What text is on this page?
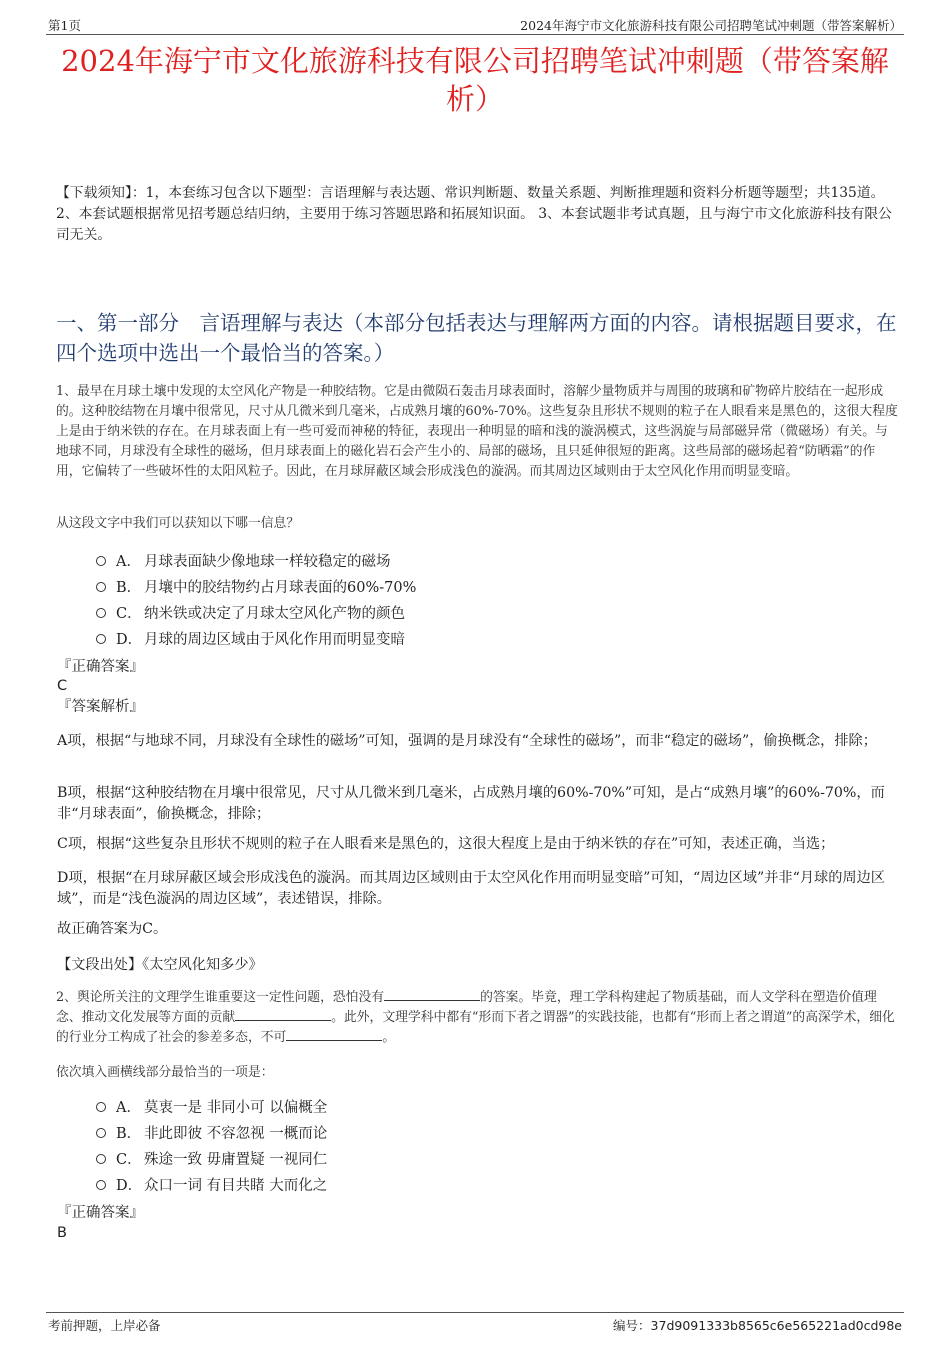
第1页	2024年海宁市文化旅游科技有限公司招聘笔试冲刺题（带答案解析）
2024年海宁市文化旅游科技有限公司招聘笔试冲刺题（带答案解析）
【下载须知】：1，本套练习包含以下题型：言语理解与表达题、常识判断题、数量关系题、判断推理题和资料分析题等题型；共135道。 2、本套试题根据常见招考题总结归纳，主要用于练习答题思路和拓展知识面。 3、本套试题非考试真题，且与海宁市文化旅游科技有限公司无关。
一、第一部分　言语理解与表达（本部分包括表达与理解两方面的内容。请根据题目要求，在四个选项中选出一个最恰当的答案。）
1、最早在月球土壤中发现的太空风化产物是一种胶结物。它是由微陨石轰击月球表面时，溶解少量物质并与周围的玻璃和矿物碎片胶结在一起形成的。这种胶结物在月壤中很常见，尺寸从几微米到几毫米，占成熟月壤的60%-70%。这些复杂且形状不规则的粒子在人眼看来是黑色的，这很大程度上是由于纳米铁的存在。在月球表面上有一些可爱而神秘的特征，表现出一种明显的暗和浅的漩涡模式，这些涡旋与局部磁异常（微磁场）有关。与地球不同，月球没有全球性的磁场，但月球表面上的磁化岩石会产生小的、局部的磁场，且只延伸很短的距离。这些局部的磁场起着“防晒霜”的作用，它偏转了一些破坏性的太阳风粒子。因此，在月球屏蔽区域会形成浅色的漩涡。而其周边区域则由于太空风化作用而明显变暗。
从这段文字中我们可以获知以下哪一信息？
A． 月球表面缺少像地球一样较稳定的磁场
B． 月壤中的胶结物约占月球表面的60%-70%
C． 纳米铁或决定了月球太空风化产物的颜色
D． 月球的周边区域由于风化作用而明显变暗
『正确答案』
C
『答案解析』
A项，根据“与地球不同，月球没有全球性的磁场”可知，强调的是月球没有“全球性的磁场”，而非“稳定的磁场”，偷换概念，排除；
B项，根据“这种胶结物在月壤中很常见，尺寸从几微米到几毫米，占成熟月壤的60%-70%”可知，是占“成熟月壤”的60%-70%，而非“月球表面”，偷换概念，排除；
C项，根据“这些复杂且形状不规则的粒子在人眼看来是黑色的，这很大程度上是由于纳米铁的存在”可知，表述正确，当选；
D项，根据“在月球屏蔽区域会形成浅色的漩涡。而其周边区域则由于太空风化作用而明显变暗”可知，“周边区域”并非“月球的周边区域”，而是“浅色漩涡的周边区域”，表述错误，排除。
故正确答案为C。
【文段出处】《太空风化知多少》
2、舆论所关注的文理学生谁重要这一定性问题，恐怕没有	的答案。毕竟，理工学科构建起了物质基础，而人文学科在塑造价值理念、推动文化发展等方面的贡献	。此外，文理学科中都有“形而下者之谓器”的实践技能，也都有“形而上者之谓道”的高深学术，细化的行业分工构成了社会的参差多态，不可	。
依次填入画横线部分最恰当的一项是：
A． 莫衷一是 非同小可 以偏概全
B． 非此即彼 不容忽视 一概而论
C． 殊途一致 毋庸置疑 一视同仁
D． 众口一词 有目共睹 大而化之
『正确答案』
B
考前押题，上岸必备	编号：37d9091333b8565c6e565221ad0cd98e
